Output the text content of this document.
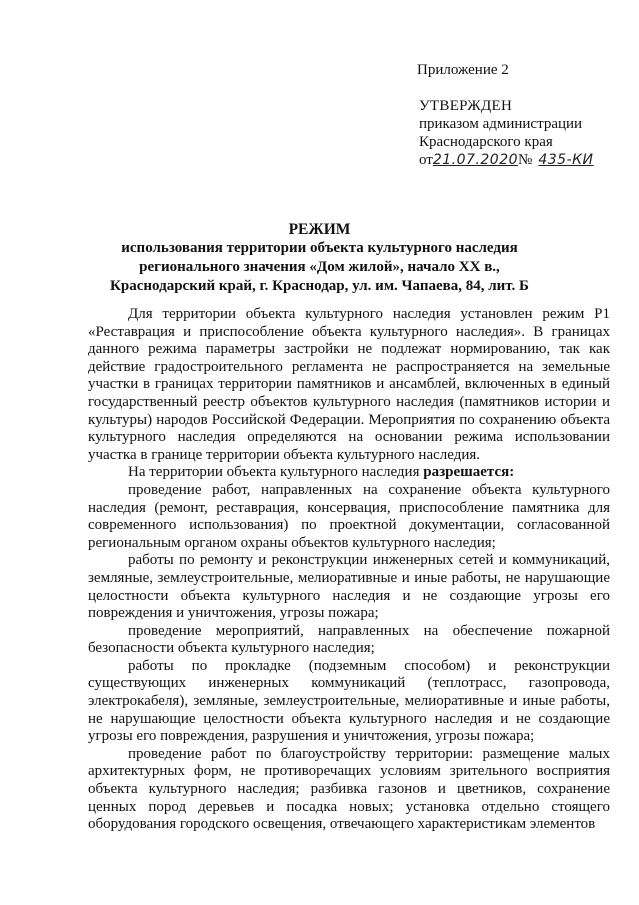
Приложение 2
УТВЕРЖДЕН
приказом администрации
Краснодарского края
от21.07.2020№ 435-КИ
РЕЖИМ
использования территории объекта культурного наследия
регионального значения «Дом жилой», начало XX в.,
Краснодарский край, г. Краснодар, ул. им. Чапаева, 84, лит. Б

Для территории объекта культурного наследия установлен режим Р1 «Реставрация и приспособление объекта культурного наследия». В границах данного режима параметры застройки не подлежат нормированию, так как действие градостроительного регламента не распространяется на земельные участки в границах территории памятников и ансамблей, включенных в единый государственный реестр объектов культурного наследия (памятников истории и культуры) народов Российской Федерации. Мероприятия по сохранению объекта культурного наследия определяются на основании режима использовании участка в границе территории объекта культурного наследия.

На территории объекта культурного наследия разрешается:

проведение работ, направленных на сохранение объекта культурного наследия (ремонт, реставрация, консервация, приспособление памятника для современного использования) по проектной документации, согласованной региональным органом охраны объектов культурного наследия;

работы по ремонту и реконструкции инженерных сетей и коммуникаций, земляные, землеустроительные, мелиоративные и иные работы, не нарушающие целостности объекта культурного наследия и не создающие угрозы его повреждения и уничтожения, угрозы пожара;

проведение мероприятий, направленных на обеспечение пожарной безопасности объекта культурного наследия;

работы по прокладке (подземным способом) и реконструкции существующих инженерных коммуникаций (теплотрасс, газопровода, электрокабеля), земляные, землеустроительные, мелиоративные и иные работы, не нарушающие целостности объекта культурного наследия и не создающие угрозы его повреждения, разрушения и уничтожения, угрозы пожара;

проведение работ по благоустройству территории: размещение малых архитектурных форм, не противоречащих условиям зрительного восприятия объекта культурного наследия; разбивка газонов и цветников, сохранение ценных пород деревьев и посадка новых; установка отдельно стоящего оборудования городского освещения, отвечающего характеристикам элементов
